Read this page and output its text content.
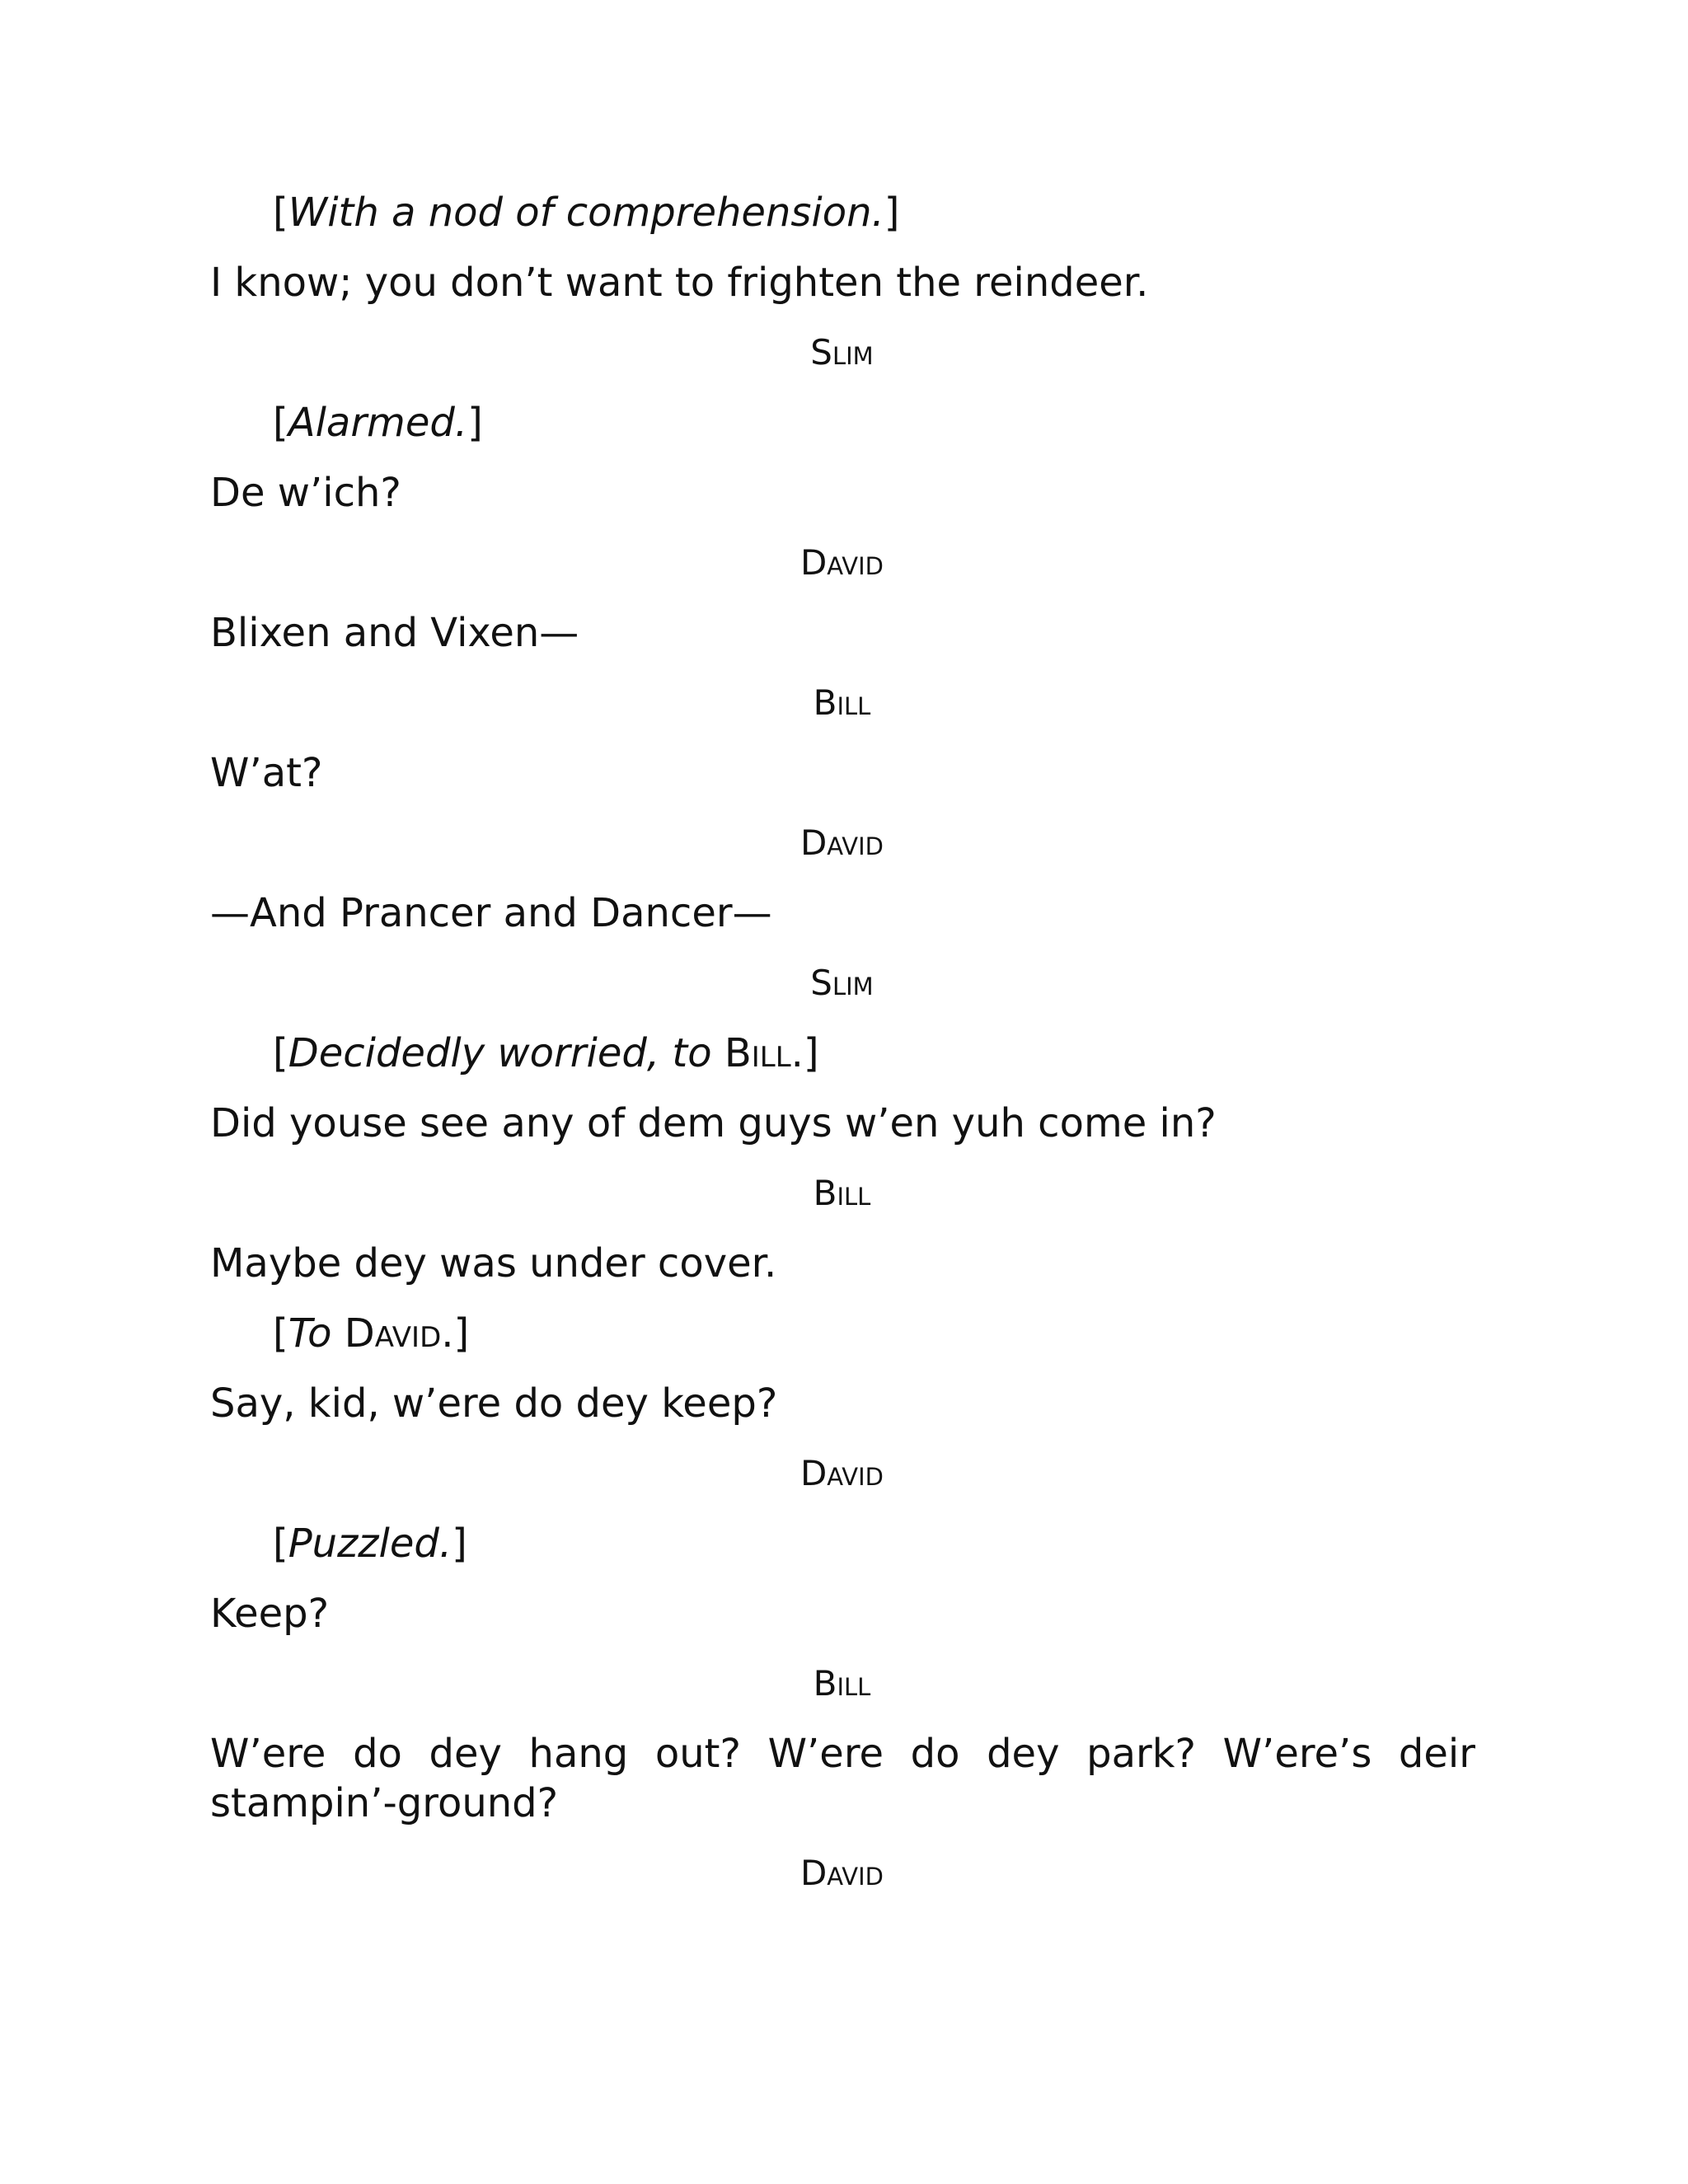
[With a nod of comprehension.]

I know; you don’t want to frighten the reindeer.

Slim

[Alarmed.]

De w’ich?

David

Blixen and Vixen—

Bill

W’at?

David

—And Prancer and Dancer—

Slim

[Decidedly worried, to Bill.]

Did youse see any of dem guys w’en yuh come in?

Bill

Maybe dey was under cover.

[To David.]

Say, kid, w’ere do dey keep?

David

[Puzzled.]

Keep?

Bill

W’ere do dey hang out? W’ere do dey park? W’ere’s deir stampin’-ground?

David
